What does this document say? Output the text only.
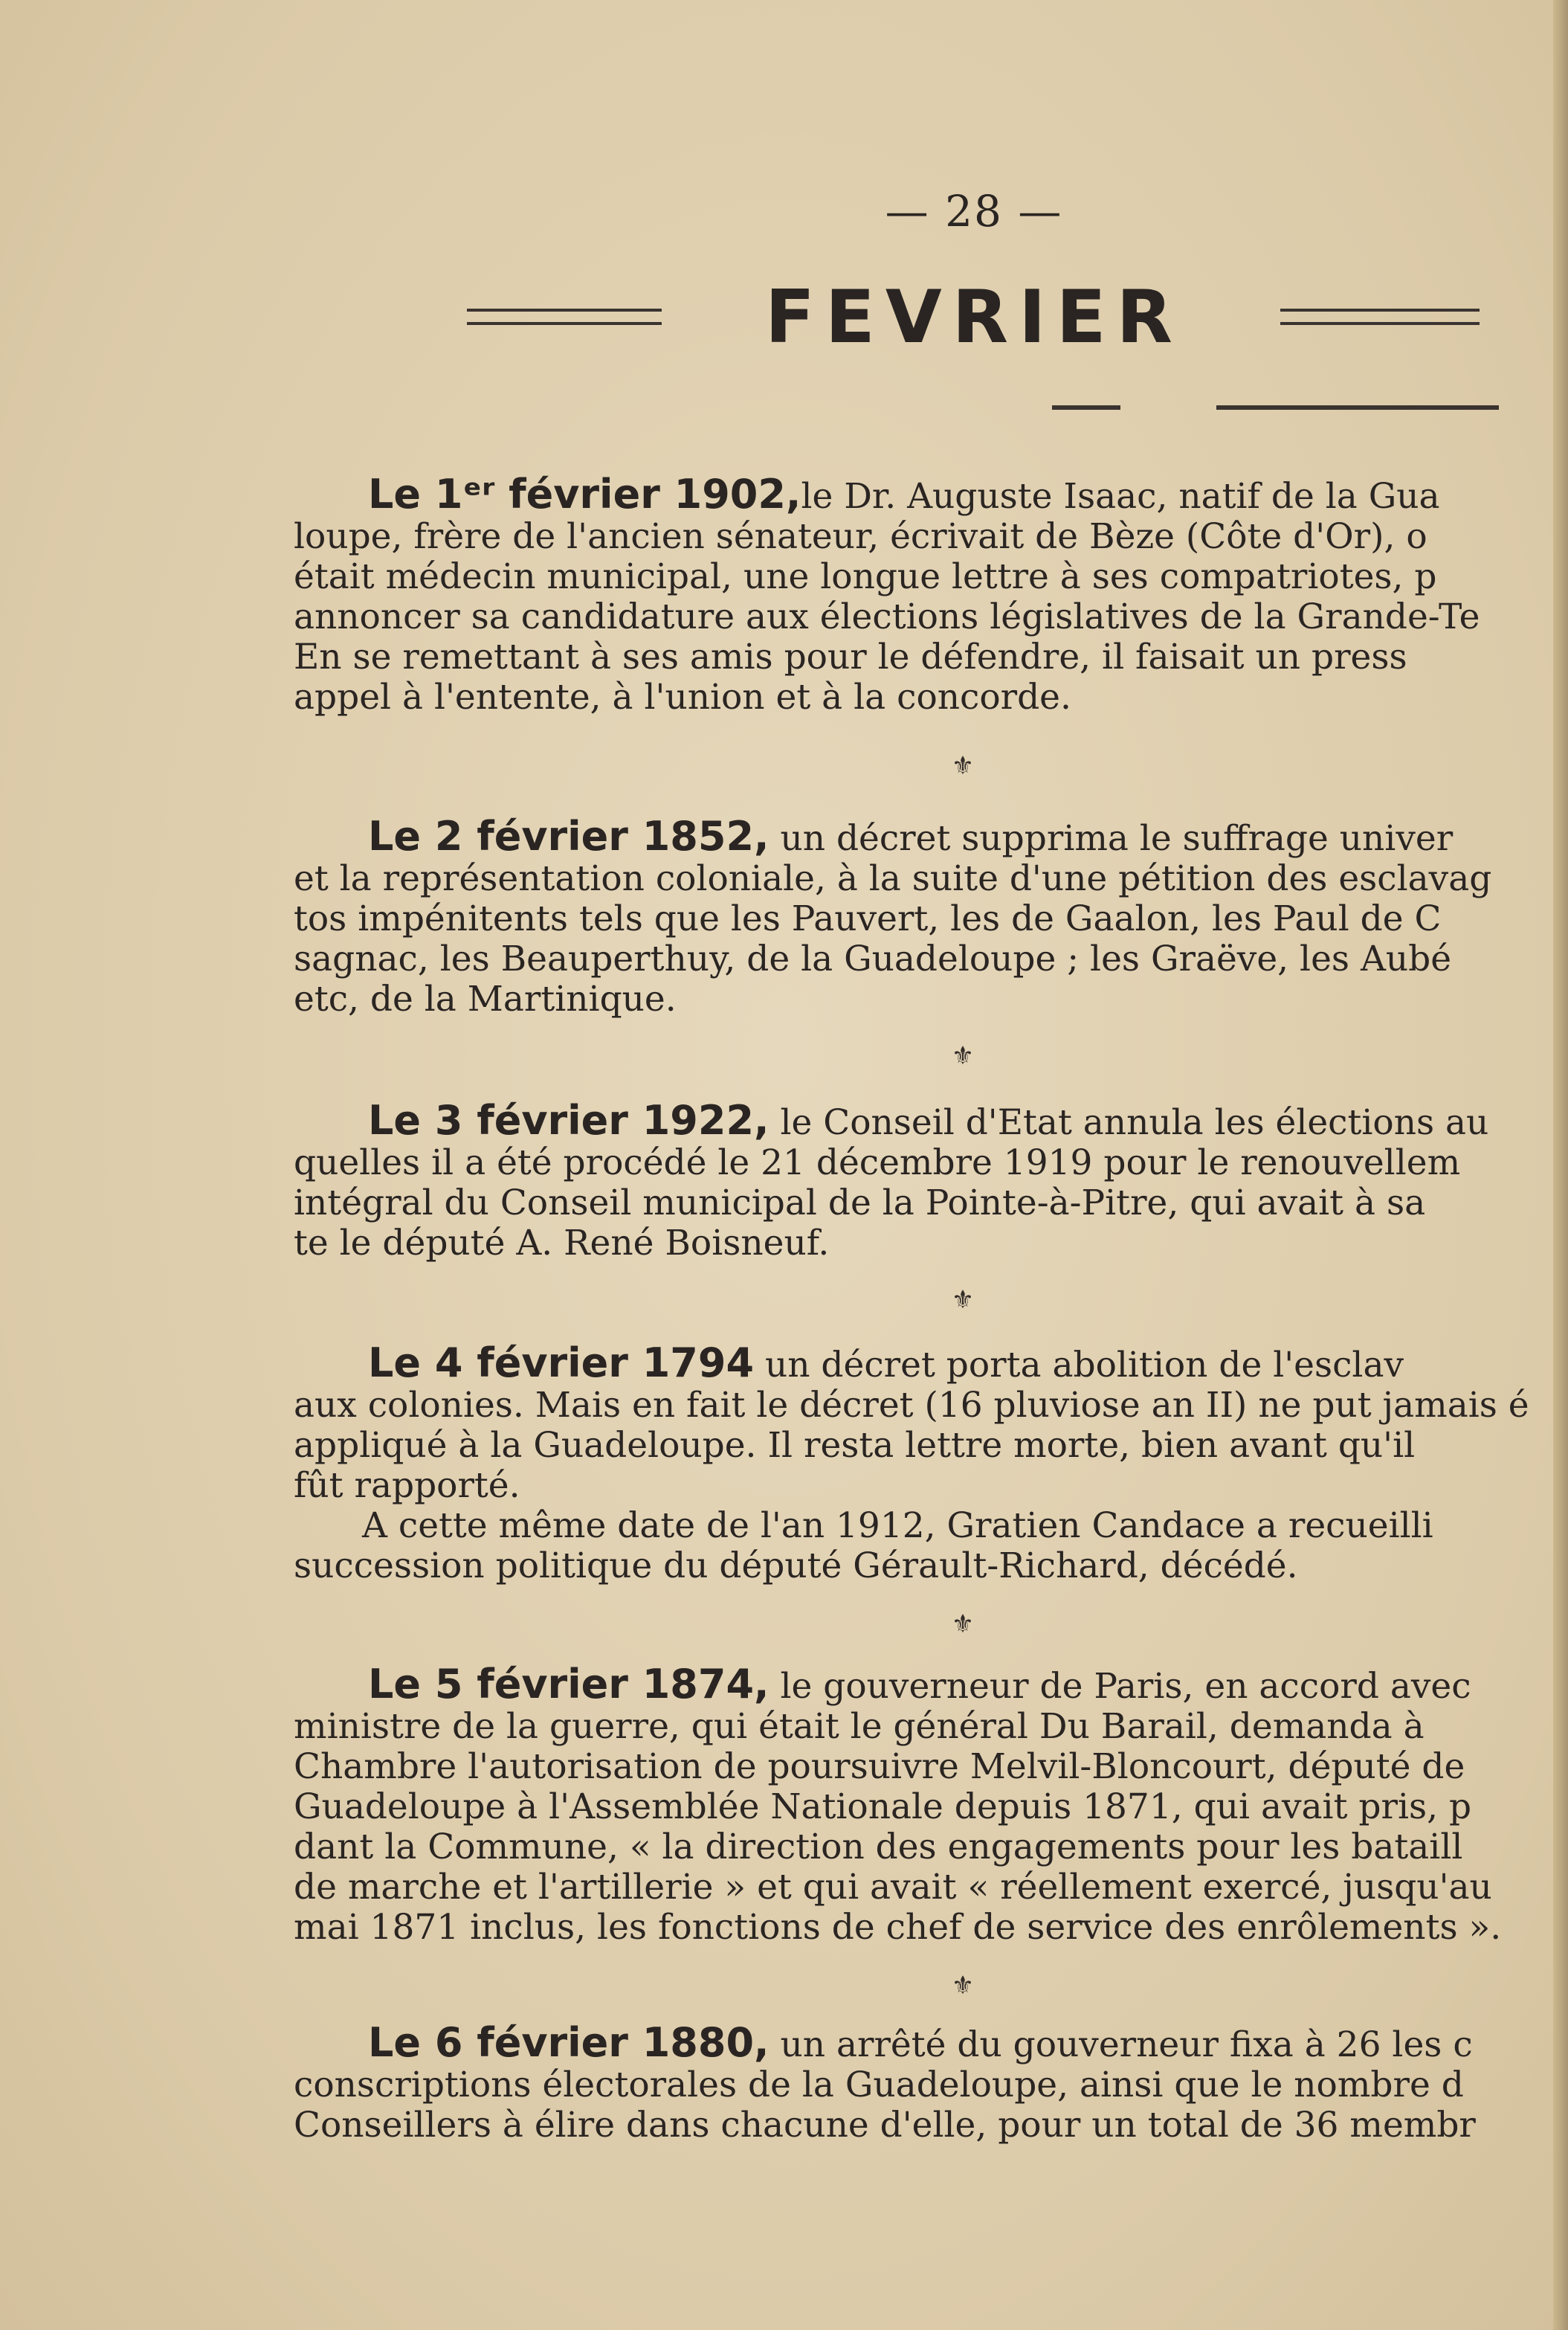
— 28 —
FEVRIER
Le 1ᵉʳ février 1902,le Dr. Auguste Isaac, natif de la Gua
loupe, frère de l'ancien sénateur, écrivait de Bèze (Côte d'Or), o
était médecin municipal, une longue lettre à ses compatriotes, p
annoncer sa candidature aux élections législatives de la Grande-Te
En se remettant à ses amis pour le défendre, il faisait un press
appel à l'entente, à l'union et à la concorde.
⚜
Le 2 février 1852, un décret supprima le suffrage univer
et la représentation coloniale, à la suite d'une pétition des esclavag
tos impénitents tels que les Pauvert, les de Gaalon, les Paul de C
sagnac, les Beauperthuy, de la Guadeloupe ; les Graëve, les Aubé
etc, de la Martinique.
⚜
Le 3 février 1922, le Conseil d'Etat annula les élections au
quelles il a été procédé le 21 décembre 1919 pour le renouvellem
intégral du Conseil municipal de la Pointe-à-Pitre, qui avait à sa
te le député A. René Boisneuf.
⚜
Le 4 février 1794 un décret porta abolition de l'esclav
aux colonies. Mais en fait le décret (16 pluviose an II) ne put jamais é
appliqué à la Guadeloupe. Il resta lettre morte, bien avant qu'il
fût rapporté.
A cette même date de l'an 1912, Gratien Candace a recueilli
succession politique du député Gérault-Richard, décédé.
⚜
Le 5 février 1874, le gouverneur de Paris, en accord avec
ministre de la guerre, qui était le général Du Barail, demanda à
Chambre l'autorisation de poursuivre Melvil-Bloncourt, député de
Guadeloupe à l'Assemblée Nationale depuis 1871, qui avait pris, p
dant la Commune, « la direction des engagements pour les bataill
de marche et l'artillerie » et qui avait « réellement exercé, jusqu'au
mai 1871 inclus, les fonctions de chef de service des enrôlements ».
⚜
Le 6 février 1880, un arrêté du gouverneur fixa à 26 les c
conscriptions électorales de la Guadeloupe, ainsi que le nombre d
Conseillers à élire dans chacune d'elle, pour un total de 36 membr
